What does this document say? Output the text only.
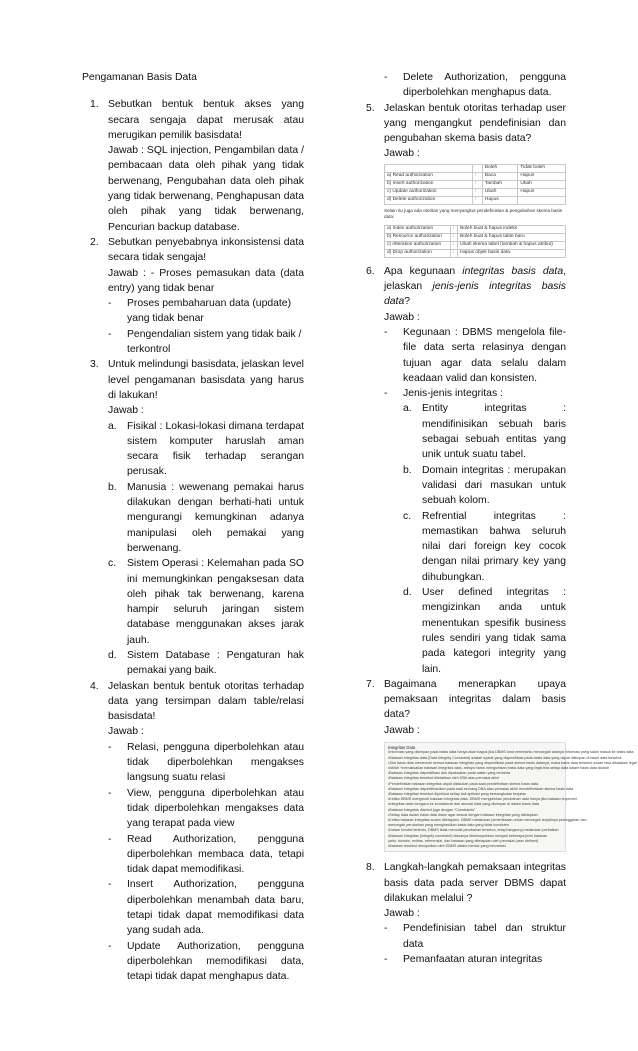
Pengamanan Basis Data
1. Sebutkan bentuk bentuk akses yang secara sengaja dapat merusak atau merugikan pemilik basisdata!
Jawab : SQL injection, Pengambilan data / pembacaan data oleh pihak yang tidak berwenang, Pengubahan data oleh pihak yang tidak berwenang, Penghapusan data oleh pihak yang tidak berwenang, Pencurian backup database.
2. Sebutkan penyebabnya inkonsistensi data secara tidak sengaja!
Jawab : - Proses pemasukan data (data entry) yang tidak benar
- Proses pembaharuan data (update) yang tidak benar
- Pengendalian sistem yang tidak baik / terkontrol
3. Untuk melindungi basisdata, jelaskan level level pengamanan basisdata yang harus di lakukan!
Jawab :
a. Fisikal : Lokasi-lokasi dimana terdapat sistem komputer haruslah aman secara fisik terhadap serangan perusak.
b. Manusia : wewenang pemakai harus dilakukan dengan berhati-hati untuk mengurangi kemungkinan adanya manipulasi oleh pemakai yang berwenang.
c. Sistem Operasi : Kelemahan pada SO ini memungkinkan pengaksesan data oleh pihak tak berwenang, karena hampir seluruh jaringan sistem database menggunakan akses jarak jauh.
d. Sistem Database : Pengaturan hak pemakai yang baik.
4. Jelaskan bentuk bentuk otoritas terhadap data yang tersimpan dalam table/relasi basisdata!
Jawab :
- Relasi, pengguna diperbolehkan atau tidak diperbolehkan mengakses langsung suatu relasi
- View, pengguna diperbolehkan atau tidak diperbolehkan mengakses data yang terapat pada view
- Read Authorization, pengguna diperbolehkan membaca data, tetapi tidak dapat memodifikasi.
- Insert Authorization, pengguna diperbolehkan menambah data baru, tetapi tidak dapat memodifikasi data yang sudah ada.
- Update Authorization, pengguna diperbolehkan memodifikasi data, tetapi tidak dapat menghapus data.
- Delete Authorization, pengguna diperbolehkan menghapus data.
5. Jelaskan bentuk otoritas terhadap user yang mengangkut pendefinisian dan pengubahan skema basis data?
Jawab :
		Boleh	Tidak boleh
a) Read authorization	:	Baca	Hapus
b) Insert authorization	:	Tambah	Ubah
c) Update authorization	:	Ubah	Hapus
d) Delete authorization	:	Hapus	
Selain itu juga ada otoritas yang menyangkut pendefinisian & pengubahan skema basis data:
a) Index authorization	:	Boleh buat & hapus indeks
b) Resource authorization	:	Boleh buat & hapus table baru
c) Alteration authorization	:	Ubah skema tabel (tambah & hapus atribut)
d) Drop authorization	:	Hapus objek basis data.
6. Apa kegunaan integritas basis data, jelaskan jenis-jenis integritas basis data?
Jawab :
- Kegunaan : DBMS mengelola file-file data serta relasinya dengan tujuan agar data selalu dalam keadaan valid dan konsisten.
- Jenis-jenis integritas :
a. Entity integritas : mendifinisikan sebuah baris sebagai sebuah entitas yang unik untuk suatu tabel.
b. Domain integritas : merupakan validasi dari masukan untuk sebuah kolom.
c. Refrential integritas : memastikan bahwa seluruh nilai dari foreign key cocok dengan nilai primary key yang dihubungkan.
d. User defined integritas : mengizinkan anda untuk menentukan spesifik business rules sendiri yang tidak sama pada kategori integrity yang lain.
7. Bagaimana menerapkan upaya pemaksaan integritas dalam basis data?
Jawab :
Integritas Data
•Informasi yang disimpan pada basis data hanya akan bagus jika DBMS turut membantu mencegah adanya informasi yang salah masuk ke basis data
•Batasan integritas data (Data Integrity Constraint) adalah syarat yang dispesifikasi pada basis data yang dapat disimpan di basis data tersebut
•Jika basis data memenuhi semua batasan integritas yang dispesifikasi pada skema basis datanya, maka basis data tersebut sudah bisa dikatakan legal
•Istilah "memaksakan batasan integritas data, artinya harus mengizinkan basis data yang legal bila setiap data dalam basis data diubah
•Batasan integritas dispesifikasi dan dipaksakan pada waktu yang berbeda
•Batasan integritas tersebut diletakkan oleh DBA atau pemakai akhir
•Pendefinisian batasan integritas dapat dilakukan pada saat pendefinisian skema basis data
•Batasan integritas dispesifikasikan pada saat seorang DBA atau pemakai akhir mendefinisikan skema basis data
•Batasan integritas tersebut diperiksa setiap kali aplikasi yang bersangkutan berjalan
•Ketika DBMS mengecek batasan integritas data, DBMS mengizinkan perubahan data hanya jika batasan terpenuhi
•Integritas data mengacu ke konsistensi dan akurasi data yang disimpan di dalam basis data
•Batasan integritas disebut juga dengan "Constraints"
•Setiap data dalam basis data diatur agar sesuai dengan batasan integritas yang ditetapkan
•Ketika batasan integritas sudah ditetapkan, DBMS melakukan pemeriksaan untuk mencegah terjadinya pelanggaran dan
mencegah perubahan yang menghasilkan basis data yang tidak konsisten
•Dalam kondisi tertentu, DBMS tidak menolak perubahan tersebut, tetapi langsung melakukan perbaikan
•Batasan integritas (Integrity constraint) biasanya dikelompokkan menjadi beberapa jenis batasan
yaitu: domain, entitas, referensial, dan batasan yang ditetapkan oleh pemakai (user defined)
•Batasan tersebut diwujudkan oleh DBMS dalam bentuk yang bervariasi
8. Langkah-langkah pemaksaan integritas basis data pada server DBMS dapat dilakukan melalui ?
Jawab :
- Pendefinisian tabel dan struktur data
- Pemanfaatan aturan integritas
